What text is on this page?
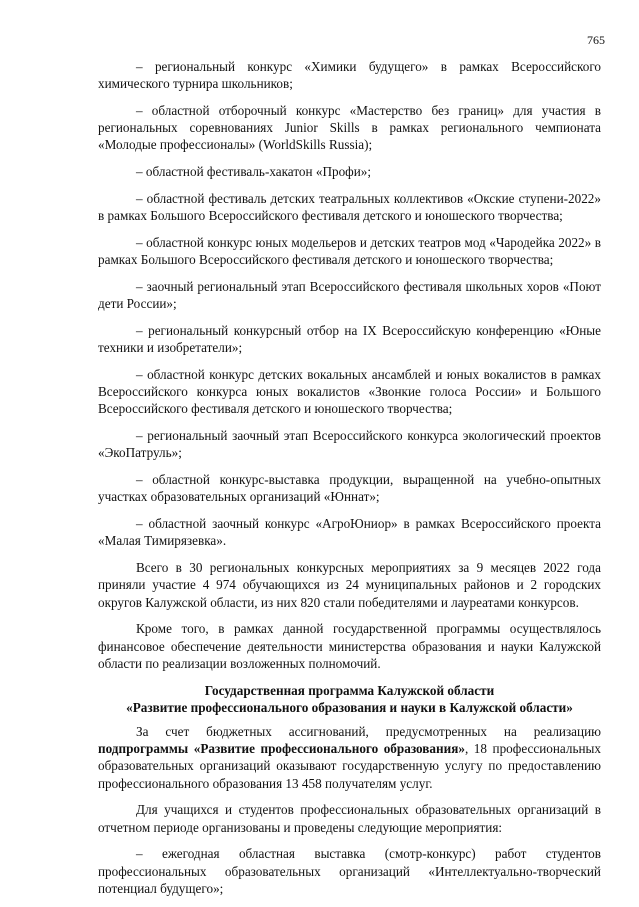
765

– региональный конкурс «Химики будущего» в рамках Всероссийского химического турнира школьников;

– областной отборочный конкурс «Мастерство без границ» для участия в региональных соревнованиях Junior Skills в рамках регионального чемпионата «Молодые профессионалы» (WorldSkills Russia);

– областной фестиваль-хакатон «Профи»;

– областной фестиваль детских театральных коллективов «Окские ступени-2022» в рамках Большого Всероссийского фестиваля детского и юношеского творчества;

– областной конкурс юных модельеров и детских театров мод «Чародейка 2022» в рамках Большого Всероссийского фестиваля детского и юношеского творчества;

– заочный региональный этап Всероссийского фестиваля школьных хоров «Поют дети России»;

– региональный конкурсный отбор на IX Всероссийскую конференцию «Юные техники и изобретатели»;

– областной конкурс детских вокальных ансамблей и юных вокалистов в рамках Всероссийского конкурса юных вокалистов «Звонкие голоса России» и Большого Всероссийского фестиваля детского и юношеского творчества;

– региональный заочный этап Всероссийского конкурса экологический проектов «ЭкоПатруль»;

– областной конкурс-выставка продукции, выращенной на учебно-опытных участках образовательных организаций «Юннат»;

– областной заочный конкурс «АгроЮниор» в рамках Всероссийского проекта «Малая Тимирязевка».

Всего в 30 региональных конкурсных мероприятиях за 9 месяцев 2022 года приняли участие 4 974 обучающихся из 24 муниципальных районов и 2 городских округов Калужской области, из них 820 стали победителями и лауреатами конкурсов.

Кроме того, в рамках данной государственной программы осуществлялось финансовое обеспечение деятельности министерства образования и науки Калужской области по реализации возложенных полномочий.

Государственная программа Калужской области
«Развитие профессионального образования и науки в Калужской области»

За счет бюджетных ассигнований, предусмотренных на реализацию подпрограммы «Развитие профессионального образования», 18 профессиональных образовательных организаций оказывают государственную услугу по предоставлению профессионального образования 13 458 получателям услуг.

Для учащихся и студентов профессиональных образовательных организаций в отчетном периоде организованы и проведены следующие мероприятия:

– ежегодная областная выставка (смотр-конкурс) работ студентов профессиональных образовательных организаций «Интеллектуально-творческий потенциал будущего»;
